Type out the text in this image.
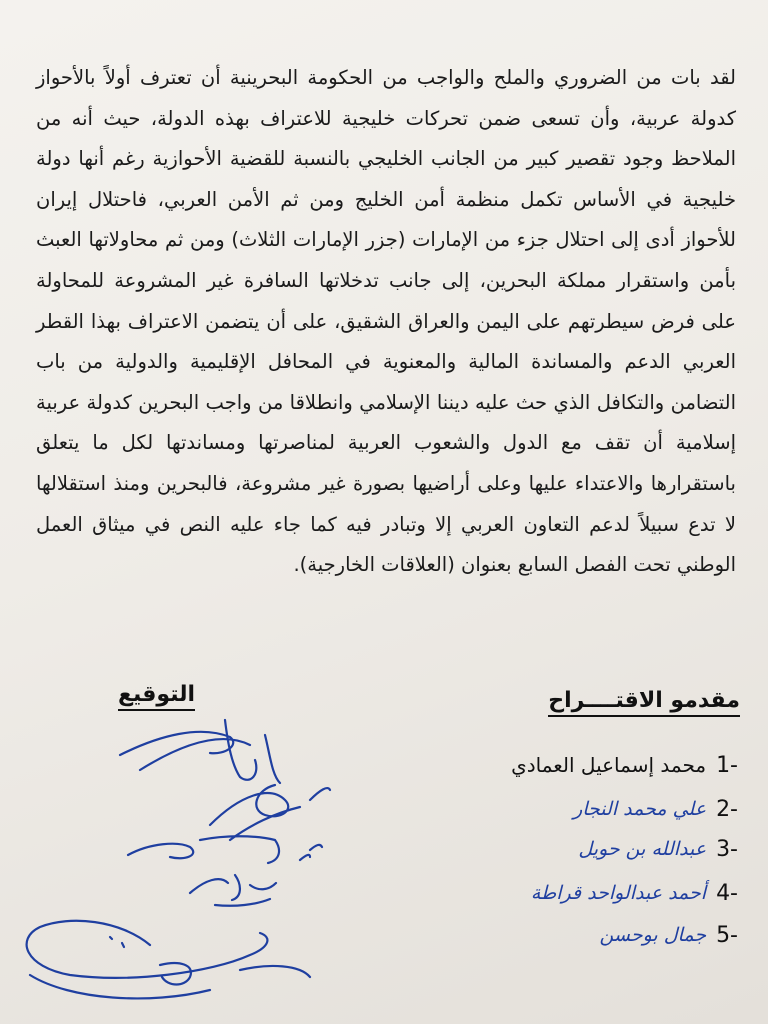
لقد بات من الضروري والملح والواجب من الحكومة البحرينية أن تعترف أولاً بالأحواز كدولة عربية، وأن تسعى ضمن تحركات خليجية للاعتراف بهذه الدولة، حيث أنه من الملاحظ وجود تقصير كبير من الجانب الخليجي بالنسبة للقضية الأحوازية رغم أنها دولة خليجية في الأساس تكمل منظمة أمن الخليج ومن ثم الأمن العربي، فاحتلال إيران للأحواز أدى إلى احتلال جزء من الإمارات (جزر الإمارات الثلاث) ومن ثم محاولاتها العبث بأمن واستقرار مملكة البحرين، إلى جانب تدخلاتها السافرة غير المشروعة للمحاولة على فرض سيطرتهم على اليمن والعراق الشقيق، على أن يتضمن الاعتراف بهذا القطر العربي الدعم والمساندة المالية والمعنوية في المحافل الإقليمية والدولية من باب التضامن والتكافل الذي حث عليه ديننا الإسلامي وانطلاقا من واجب البحرين كدولة عربية إسلامية أن تقف مع الدول والشعوب العربية لمناصرتها ومساندتها لكل ما يتعلق باستقرارها والاعتداء عليها وعلى أراضيها بصورة غير مشروعة، فالبحرين ومنذ استقلالها لا تدع سبيلاً لدعم التعاون العربي إلا وتبادر فيه كما جاء عليه النص في ميثاق العمل الوطني تحت الفصل السابع بعنوان (العلاقات الخارجية).

مقدمو الاقتــــراح
التوقيع
محمد إسماعيل العمادي 1-
علي محمد النجار 2-
عبدالله بن حويل 3-
أحمد عبدالواحد قراطة 4-
جمال بوحسن 5-
